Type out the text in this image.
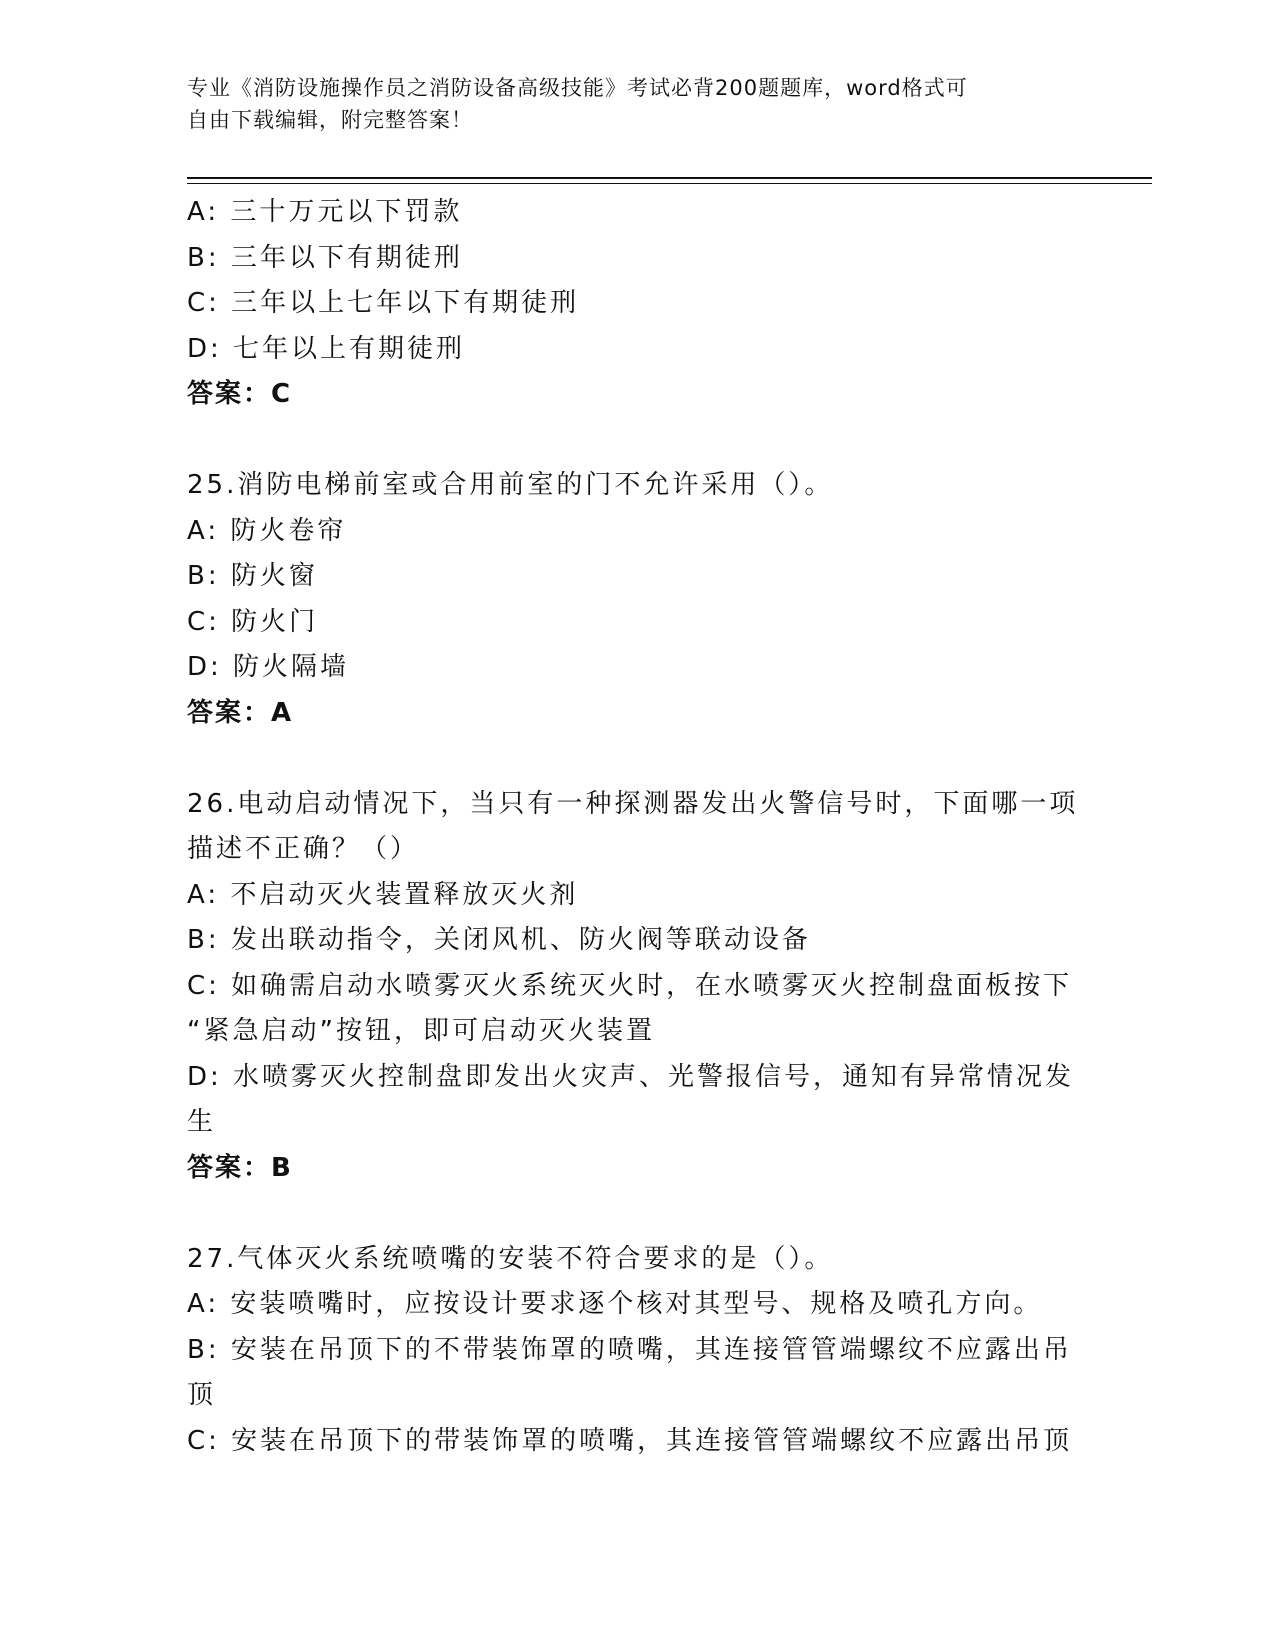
专业《消防设施操作员之消防设备高级技能》考试必背200题题库，word格式可
自由下载编辑，附完整答案！
A: 三十万元以下罚款
B: 三年以下有期徒刑
C: 三年以上七年以下有期徒刑
D: 七年以上有期徒刑
答案：C
25.消防电梯前室或合用前室的门不允许采用（）。
A: 防火卷帘
B: 防火窗
C: 防火门
D: 防火隔墙
答案：A
26.电动启动情况下，当只有一种探测器发出火警信号时，下面哪一项
描述不正确？（）
A: 不启动灭火装置释放灭火剂
B: 发出联动指令，关闭风机、防火阀等联动设备
C: 如确需启动水喷雾灭火系统灭火时，在水喷雾灭火控制盘面板按下
“紧急启动”按钮，即可启动灭火装置
D: 水喷雾灭火控制盘即发出火灾声、光警报信号，通知有异常情况发
生
答案：B
27.气体灭火系统喷嘴的安装不符合要求的是（）。
A: 安装喷嘴时，应按设计要求逐个核对其型号、规格及喷孔方向。
B: 安装在吊顶下的不带装饰罩的喷嘴，其连接管管端螺纹不应露出吊
顶
C: 安装在吊顶下的带装饰罩的喷嘴，其连接管管端螺纹不应露出吊顶
